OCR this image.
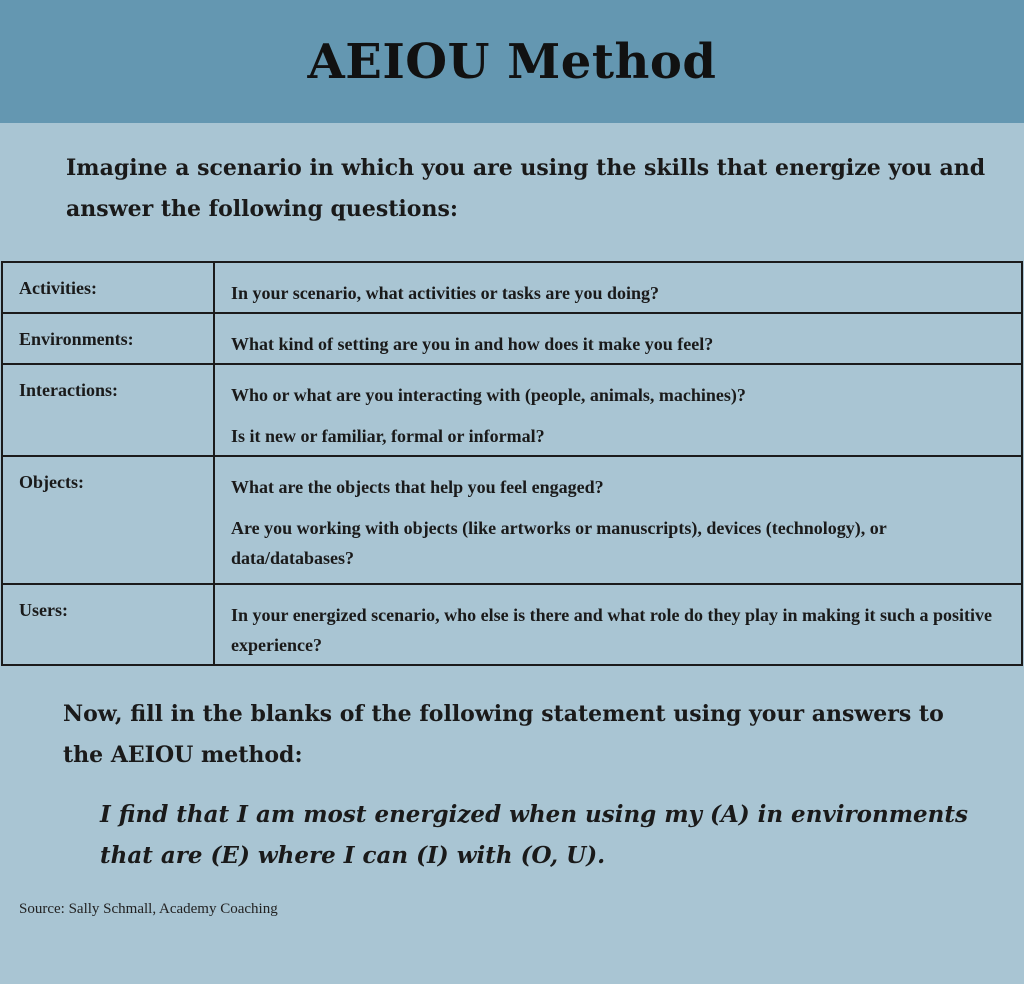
AEIOU Method

Imagine a scenario in which you are using the skills that energize you and answer the following questions:

Activities:	In your scenario, what activities or tasks are you doing?

Environments:	What kind of setting are you in and how does it make you feel?

Interactions:	Who or what are you interacting with (people, animals, machines)?

Is it new or familiar, formal or informal?

Objects:	What are the objects that help you feel engaged?

Are you working with objects (like artworks or manuscripts), devices (technology), or data/databases?

Users:	In your energized scenario, who else is there and what role do they play in making it such a positive experience?

Now, fill in the blanks of the following statement using your answers to the AEIOU method:

I find that I am most energized when using my (A) in environments that are (E) where I can (I) with (O, U).

Source: Sally Schmall, Academy Coaching
